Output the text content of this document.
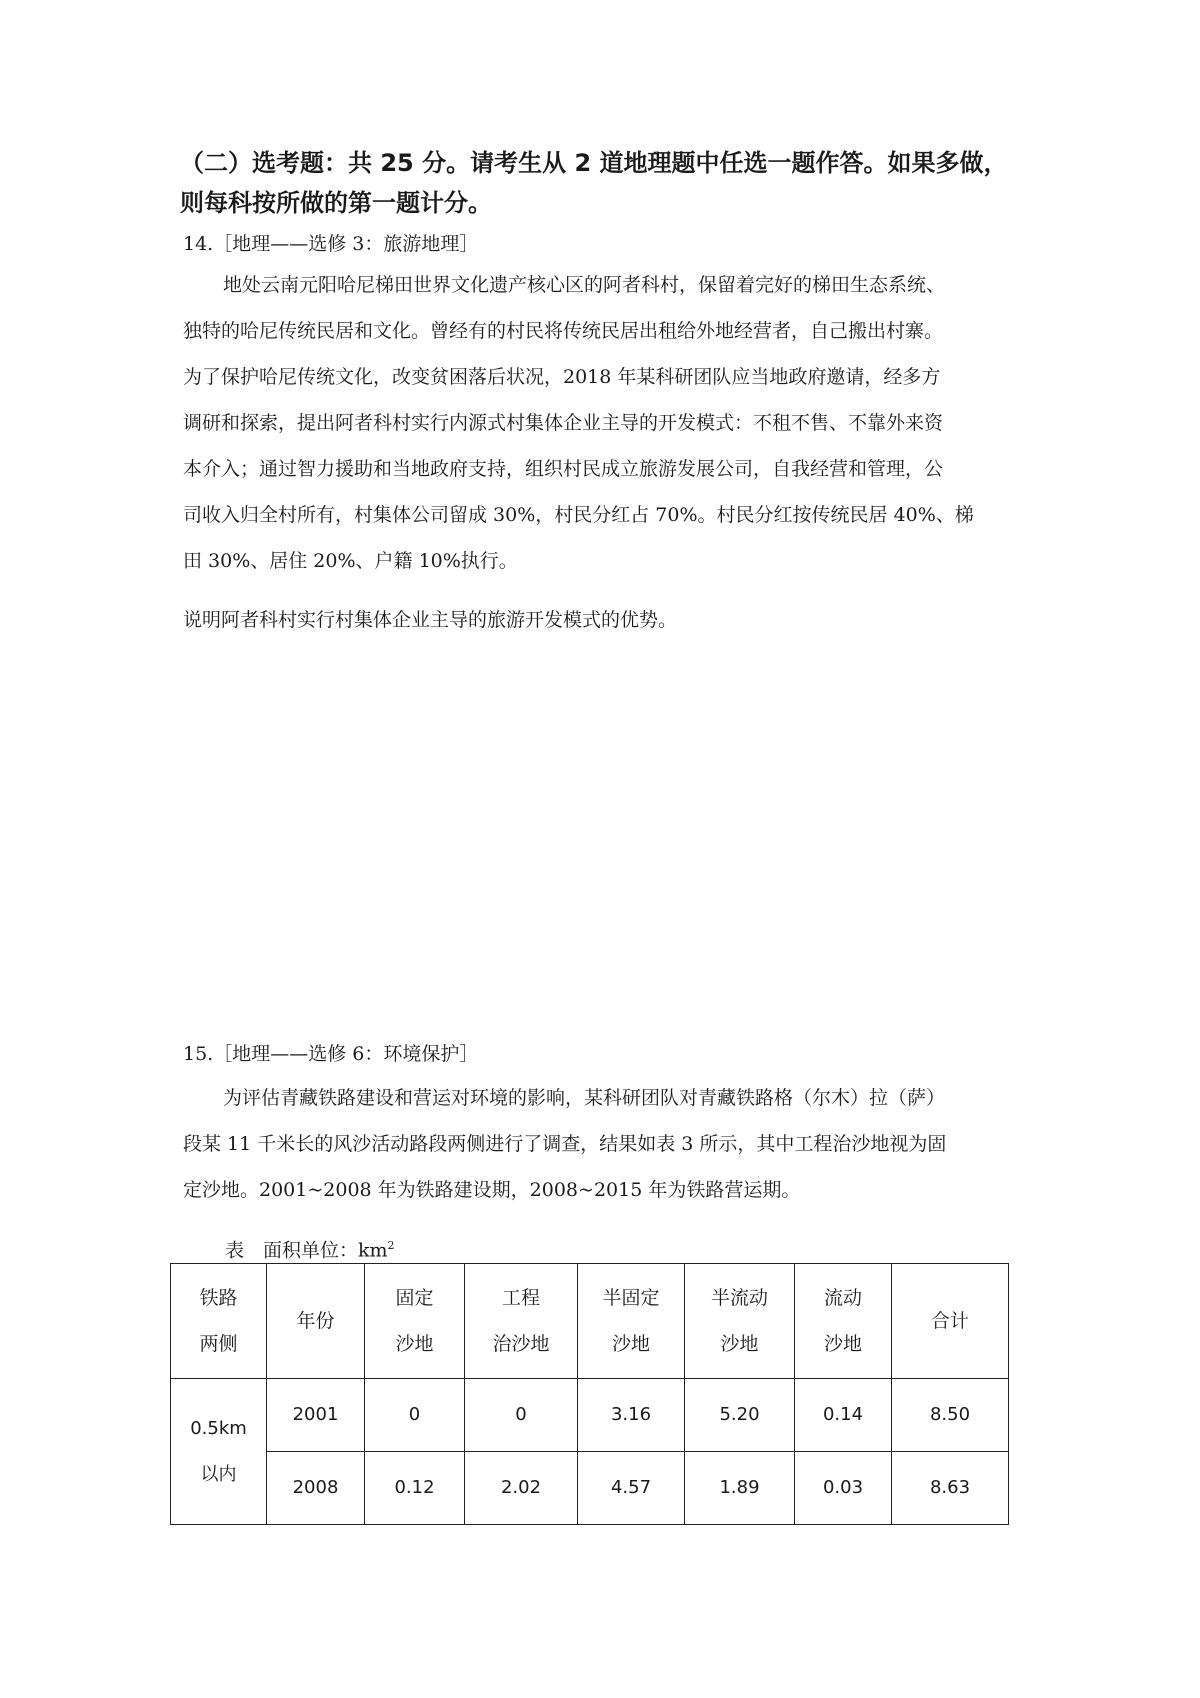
（二）选考题：共 25 分。请考生从 2 道地理题中任选一题作答。如果多做，则每科按所做的第一题计分。

14.［地理——选修 3：旅游地理］

地处云南元阳哈尼梯田世界文化遗产核心区的阿者科村，保留着完好的梯田生态系统、
独特的哈尼传统民居和文化。曾经有的村民将传统民居出租给外地经营者，自己搬出村寨。
为了保护哈尼传统文化，改变贫困落后状况，2018 年某科研团队应当地政府邀请，经多方
调研和探索，提出阿者科村实行内源式村集体企业主导的开发模式：不租不售、不靠外来资
本介入；通过智力援助和当地政府支持，组织村民成立旅游发展公司，自我经营和管理，公
司收入归全村所有，村集体公司留成 30%，村民分红占 70%。村民分红按传统民居 40%、梯
田 30%、居住 20%、户籍 10%执行。

说明阿者科村实行村集体企业主导的旅游开发模式的优势。

15.［地理——选修 6：环境保护］

为评估青藏铁路建设和营运对环境的影响，某科研团队对青藏铁路格（尔木）拉（萨）
段某 11 千米长的风沙活动路段两侧进行了调查，结果如表 3 所示，其中工程治沙地视为固
定沙地。2001~2008 年为铁路建设期，2008~2015 年为铁路营运期。

表　面积单位：$km^2$

铁路
两侧	年份	固定
沙地	工程
治沙地	半固定
沙地	半流动
沙地	流动
沙地	合计
0.5km
以内	2001	0	0	3.16	5.20	0.14	8.50
	2008	0.12	2.02	4.57	1.89	0.03	8.63
